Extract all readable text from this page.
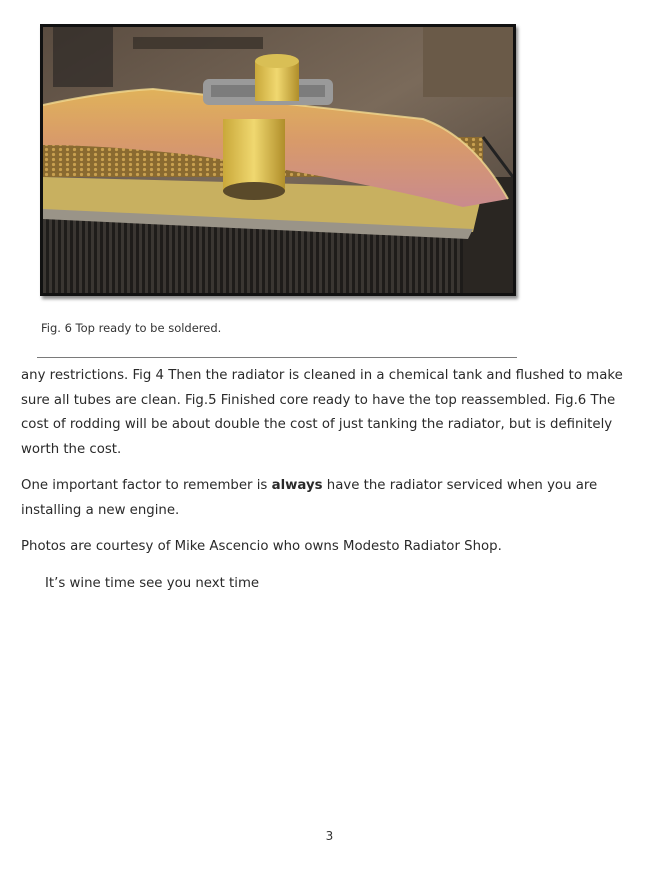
Fig. 6 Top ready to be soldered.

any restrictions. Fig 4 Then the radiator is cleaned in a chemical tank and flushed to make sure all tubes are clean. Fig.5 Finished core ready to have the top reassembled. Fig.6 The cost of rodding will be about double the cost of just tanking the radiator, but is definitely worth the cost.

One important factor to remember is always have the radiator serviced when you are installing a new engine.

Photos are courtesy of Mike Ascencio who owns Modesto Radiator Shop.

It’s wine time see you next time

3
